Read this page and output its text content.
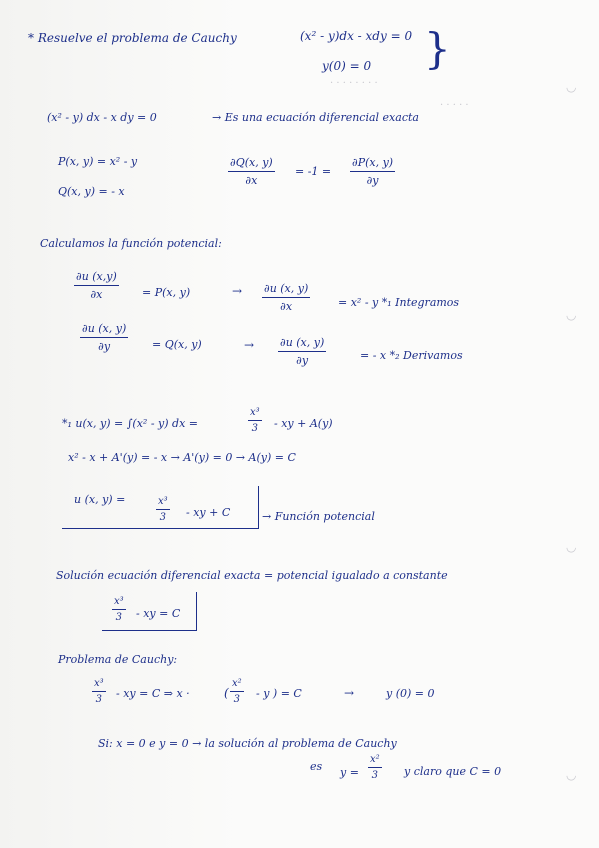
· · · · · · · ·
· · · · ·
◡
◡
◡
◡
* Resuelve el problema de Cauchy	(x² - y)dx - xdy = 0
y(0) = 0 }
(x² - y) dx - x dy = 0	→ Es una ecuación diferencial exacta
P(x, y) = x² - y
Q(x, y) = - x
$\frac{\partial Q(x, y)}{\partial x} = -1 = \frac{\partial P(x, y)}{\partial y}$
Calculamos la función potencial:
$\frac{\partial u (x,y)}{\partial x} = P(x$, y)	→ $\frac{\partial u (x, y)}{\partial x}$	= x² - y *₁ Integramos
$\frac{\partial u (x, y)}{\partial y} = Q(x$, y)	→ $\frac{\partial u (x, y)}{\partial y}$	= - x *₂ Derivamos
*₁ u(x, y) = ∫(x² - y) dx =	$\frac{\text{x³}}{3}$ - xy + A(y)
x² - x + A'(y) = - x → A'(y) = 0 → A(y) = C
u (x, y) =	$\frac{\text{x³}}{3}$ - xy + C	→ Función potencial
Solución ecuación diferencial exacta = potencial igualado a constante
$\frac{\text{x³}}{3}$ - xy = C
Problema de Cauchy:
$\frac{\text{x³}}{3}$ - xy = C ⇒ x ·	( $\frac{\text{x²}}{3}$ - y ) = C	→	y (0) = 0
Si: x = 0 e y = 0 → la solución al problema de Cauchy
es $y = \frac{\text{x²}}{3}$ y claro que C = 0
